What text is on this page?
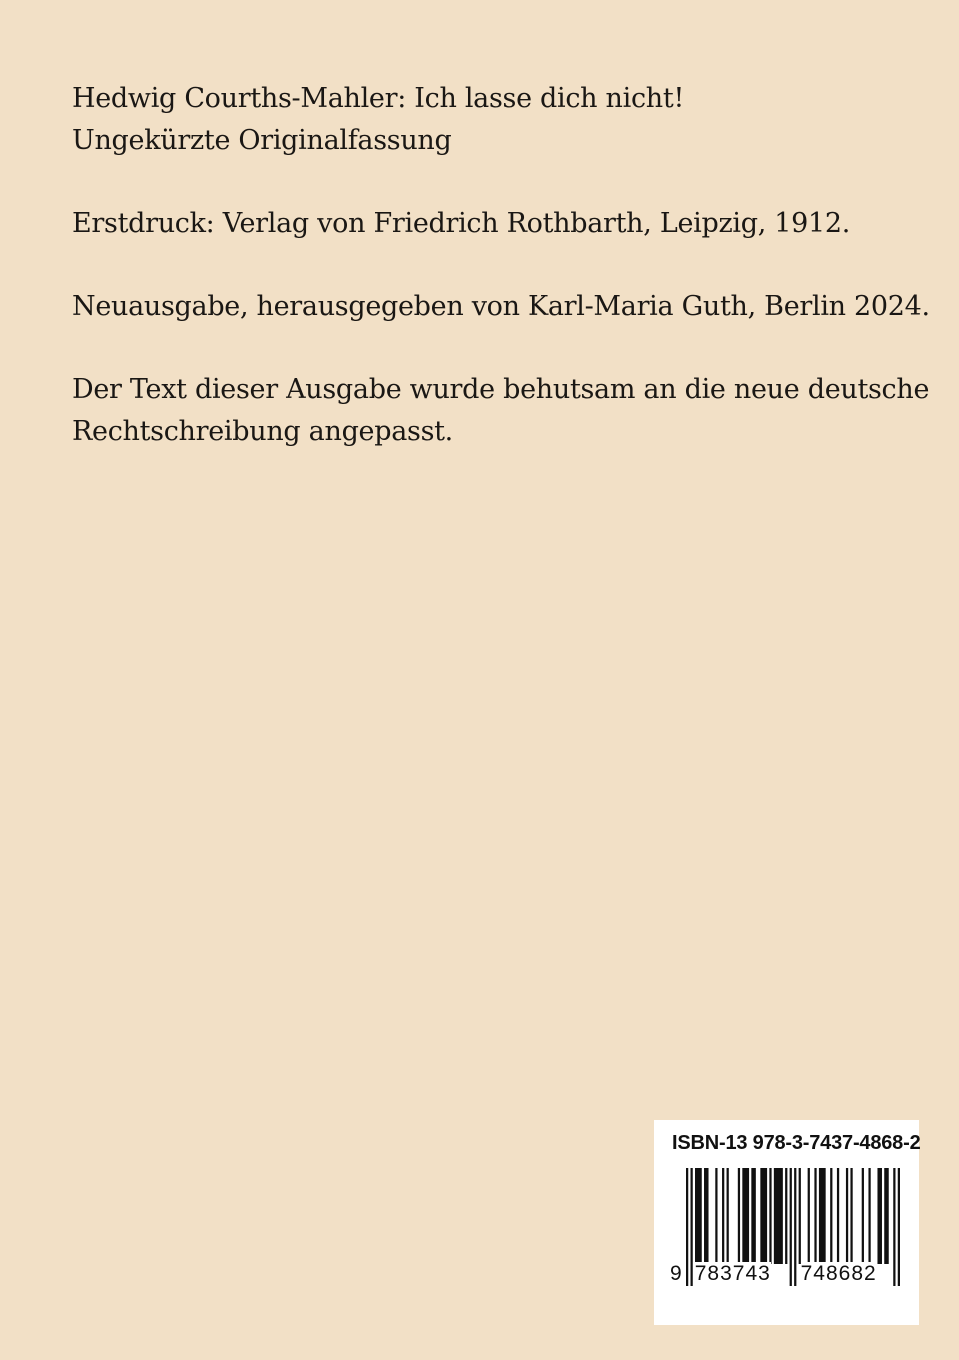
Hedwig Courths-Mahler: Ich lasse dich nicht!
Ungekürzte Originalfassung

Erstdruck: Verlag von Friedrich Rothbarth, Leipzig, 1912.

Neuausgabe, herausgegeben von Karl-Maria Guth, Berlin 2024.

Der Text dieser Ausgabe wurde behutsam an die neue deutsche
Rechtschreibung angepasst.

ISBN-13 978-3-7437-4868-2
9 783743 748682
